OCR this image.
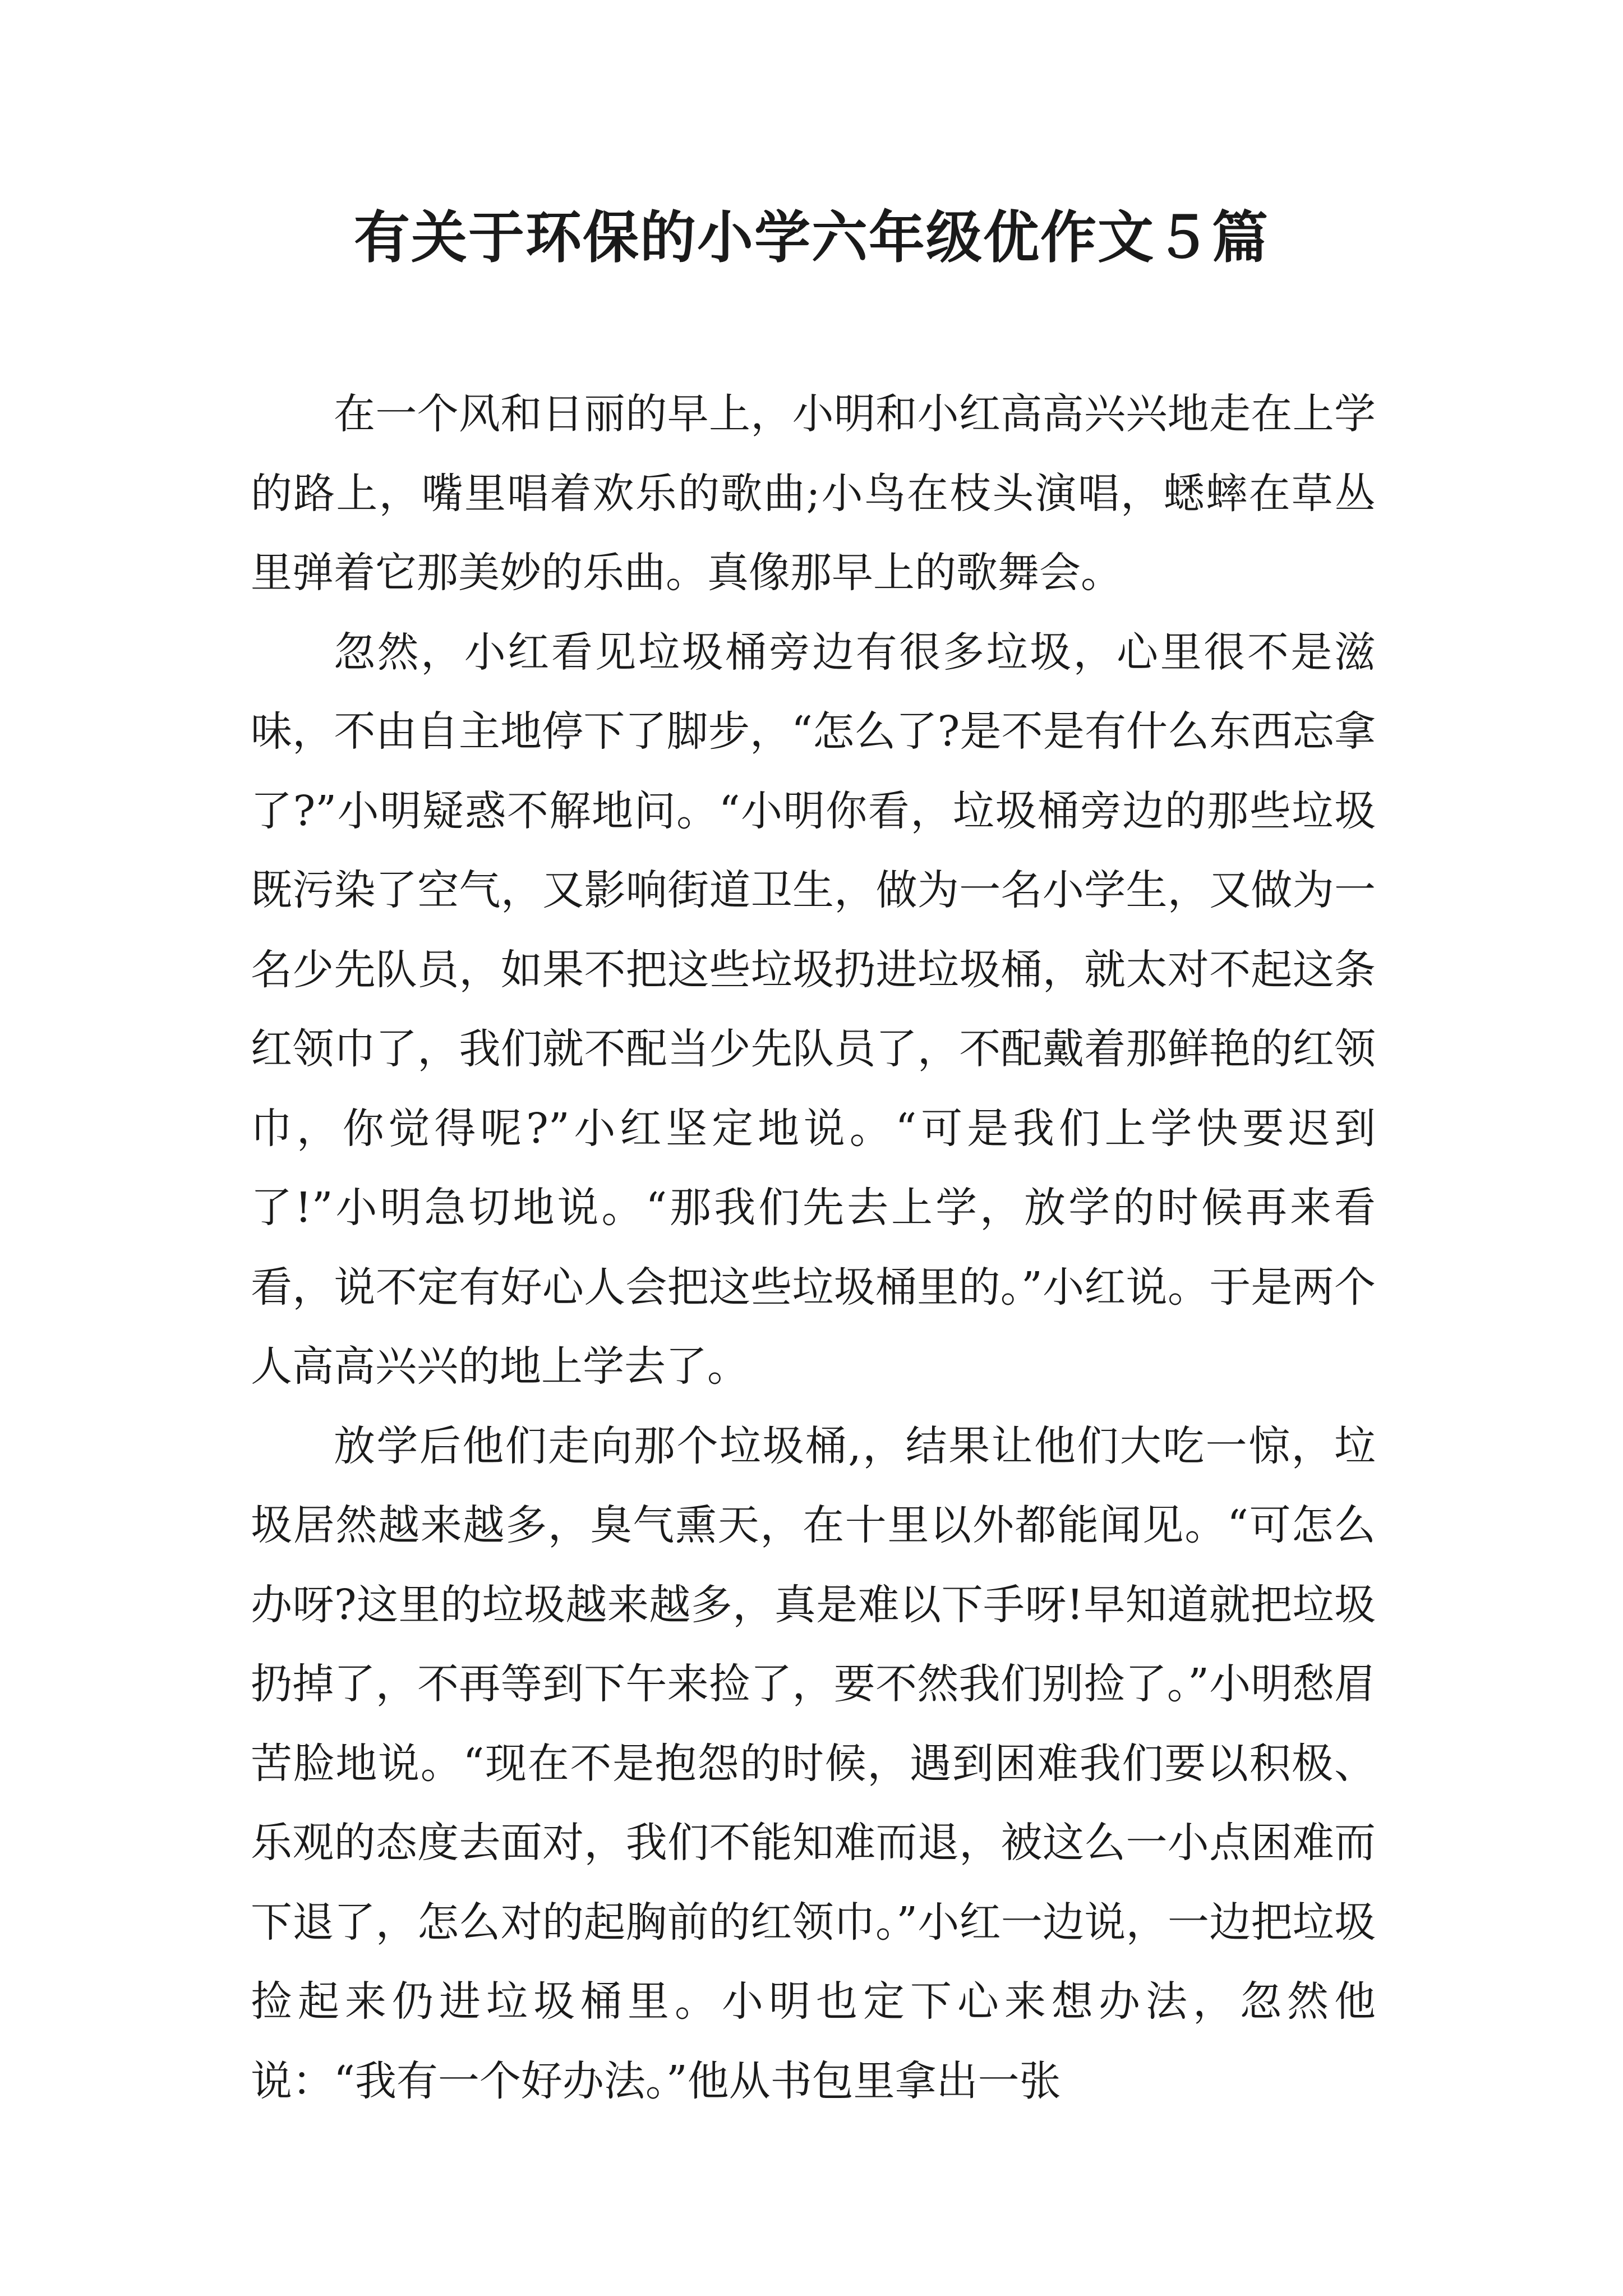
有关于环保的小学六年级优作文５篇

在一个风和日丽的早上，小明和小红高高兴兴地走在上学的路上，嘴里唱着欢乐的歌曲;小鸟在枝头演唱，蟋蟀在草丛里弹着它那美妙的乐曲。真像那早上的歌舞会。

忽然，小红看见垃圾桶旁边有很多垃圾，心里很不是滋味，不由自主地停下了脚步，“怎么了?是不是有什么东西忘拿了?”小明疑惑不解地问。“小明你看，垃圾桶旁边的那些垃圾既污染了空气，又影响街道卫生，做为一名小学生，又做为一名少先队员，如果不把这些垃圾扔进垃圾桶，就太对不起这条红领巾了，我们就不配当少先队员了，不配戴着那鲜艳的红领巾，你觉得呢?”小红坚定地说。“可是我们上学快要迟到了!”小明急切地说。“那我们先去上学，放学的时候再来看看，说不定有好心人会把这些垃圾桶里的。”小红说。于是两个人高高兴兴的地上学去了。

放学后他们走向那个垃圾桶,，结果让他们大吃一惊，垃圾居然越来越多，臭气熏天，在十里以外都能闻见。“可怎么办呀?这里的垃圾越来越多，真是难以下手呀!早知道就把垃圾扔掉了，不再等到下午来捡了，要不然我们别捡了。”小明愁眉苦脸地说。“现在不是抱怨的时候，遇到困难我们要以积极、乐观的态度去面对，我们不能知难而退，被这么一小点困难而下退了，怎么对的起胸前的红领巾。”小红一边说，一边把垃圾捡起来仍进垃圾桶里。小明也定下心来想办法，忽然他说：“我有一个好办法。”他从书包里拿出一张
